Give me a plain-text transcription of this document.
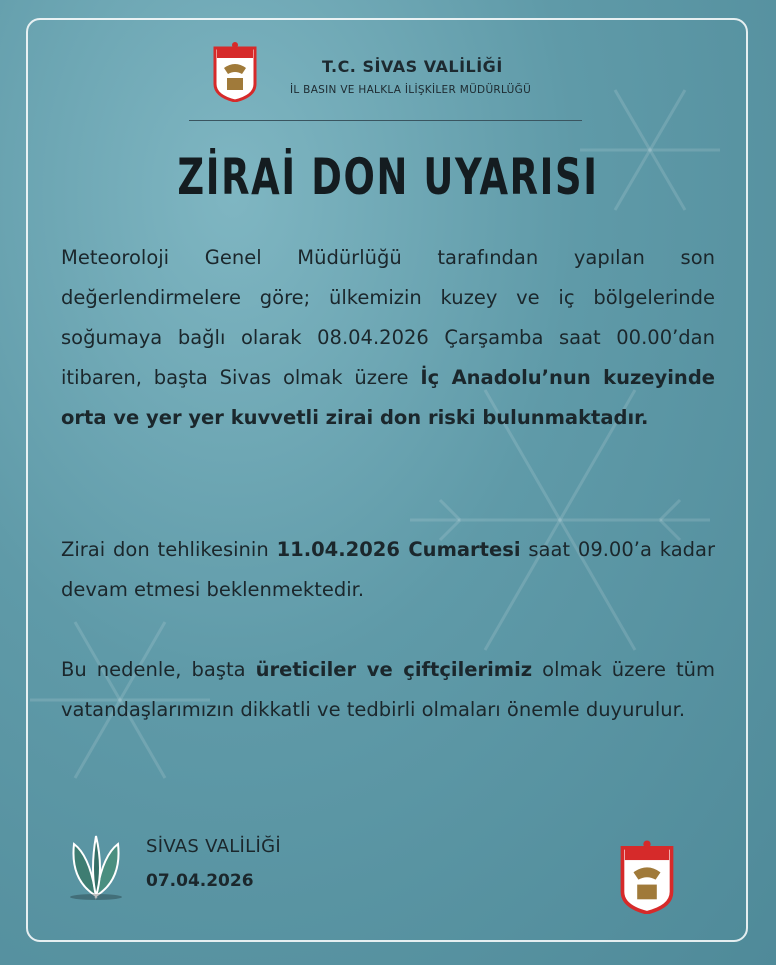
T.C. SİVAS VALİLİĞİ
İL BASIN VE HALKLA İLİŞKİLER MÜDÜRLÜĞÜ
ZİRAİ DON UYARISI
Meteoroloji Genel Müdürlüğü tarafından yapılan son değerlendirmelere göre; ülkemizin kuzey ve iç bölgelerinde soğumaya bağlı olarak 08.04.2026 Çarşamba saat 00.00’dan itibaren, başta Sivas olmak üzere İç Anadolu’nun kuzeyinde orta ve yer yer kuvvetli zirai don riski bulunmaktadır.
Zirai don tehlikesinin 11.04.2026 Cumartesi saat 09.00’a kadar devam etmesi beklenmektedir.
Bu nedenle, başta üreticiler ve çiftçilerimiz olmak üzere tüm vatandaşlarımızın dikkatli ve tedbirli olmaları önemle duyurulur.
SİVAS VALİLİĞİ
07.04.2026
